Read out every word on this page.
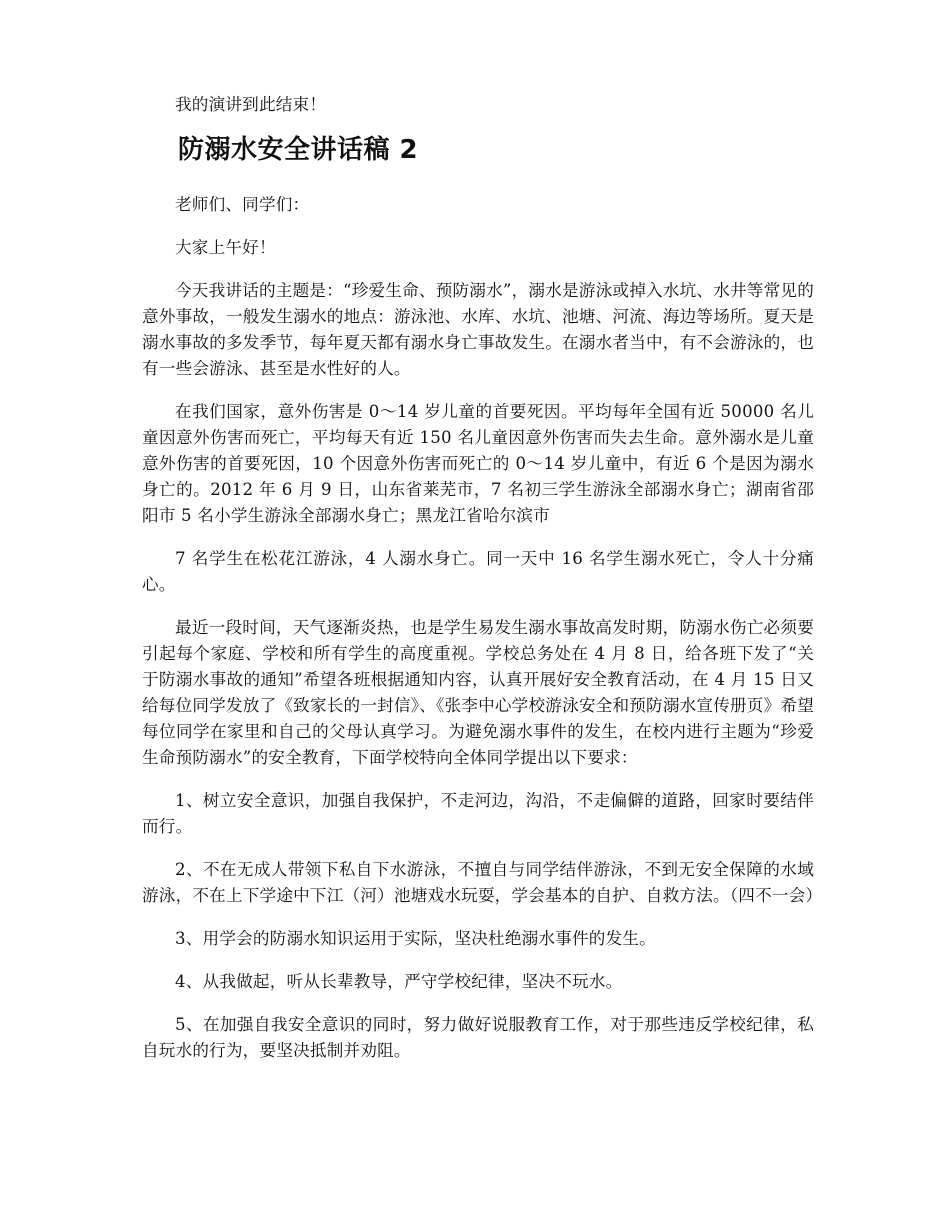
我的演讲到此结束！

防溺水安全讲话稿 2

老师们、同学们：

大家上午好！

今天我讲话的主题是：“珍爱生命、预防溺水”，溺水是游泳或掉入水坑、水井等常见的意外事故，一般发生溺水的地点：游泳池、水库、水坑、池塘、河流、海边等场所。夏天是溺水事故的多发季节，每年夏天都有溺水身亡事故发生。在溺水者当中，有不会游泳的，也有一些会游泳、甚至是水性好的人。

在我们国家，意外伤害是 0～14 岁儿童的首要死因。平均每年全国有近 50000 名儿童因意外伤害而死亡，平均每天有近 150 名儿童因意外伤害而失去生命。意外溺水是儿童意外伤害的首要死因，10 个因意外伤害而死亡的 0～14 岁儿童中，有近 6 个是因为溺水身亡的。2012 年 6 月 9 日，山东省莱芜市，7 名初三学生游泳全部溺水身亡；湖南省邵阳市 5 名小学生游泳全部溺水身亡；黑龙江省哈尔滨市

7 名学生在松花江游泳，4 人溺水身亡。同一天中 16 名学生溺水死亡，令人十分痛心。

最近一段时间，天气逐渐炎热，也是学生易发生溺水事故高发时期，防溺水伤亡必须要引起每个家庭、学校和所有学生的高度重视。学校总务处在 4 月 8 日，给各班下发了“关于防溺水事故的通知”希望各班根据通知内容，认真开展好安全教育活动，在 4 月 15 日又给每位同学发放了《致家长的一封信》、《张李中心学校游泳安全和预防溺水宣传册页》希望每位同学在家里和自己的父母认真学习。为避免溺水事件的发生，在校内进行主题为“珍爱生命预防溺水”的安全教育，下面学校特向全体同学提出以下要求：

1、树立安全意识，加强自我保护，不走河边，沟沿，不走偏僻的道路，回家时要结伴而行。

2、不在无成人带领下私自下水游泳，不擅自与同学结伴游泳，不到无安全保障的水域游泳，不在上下学途中下江（河）池塘戏水玩耍，学会基本的自护、自救方法。（四不一会）

3、用学会的防溺水知识运用于实际，坚决杜绝溺水事件的发生。

4、从我做起，听从长辈教导，严守学校纪律，坚决不玩水。

5、在加强自我安全意识的同时，努力做好说服教育工作，对于那些违反学校纪律，私自玩水的行为，要坚决抵制并劝阻。
